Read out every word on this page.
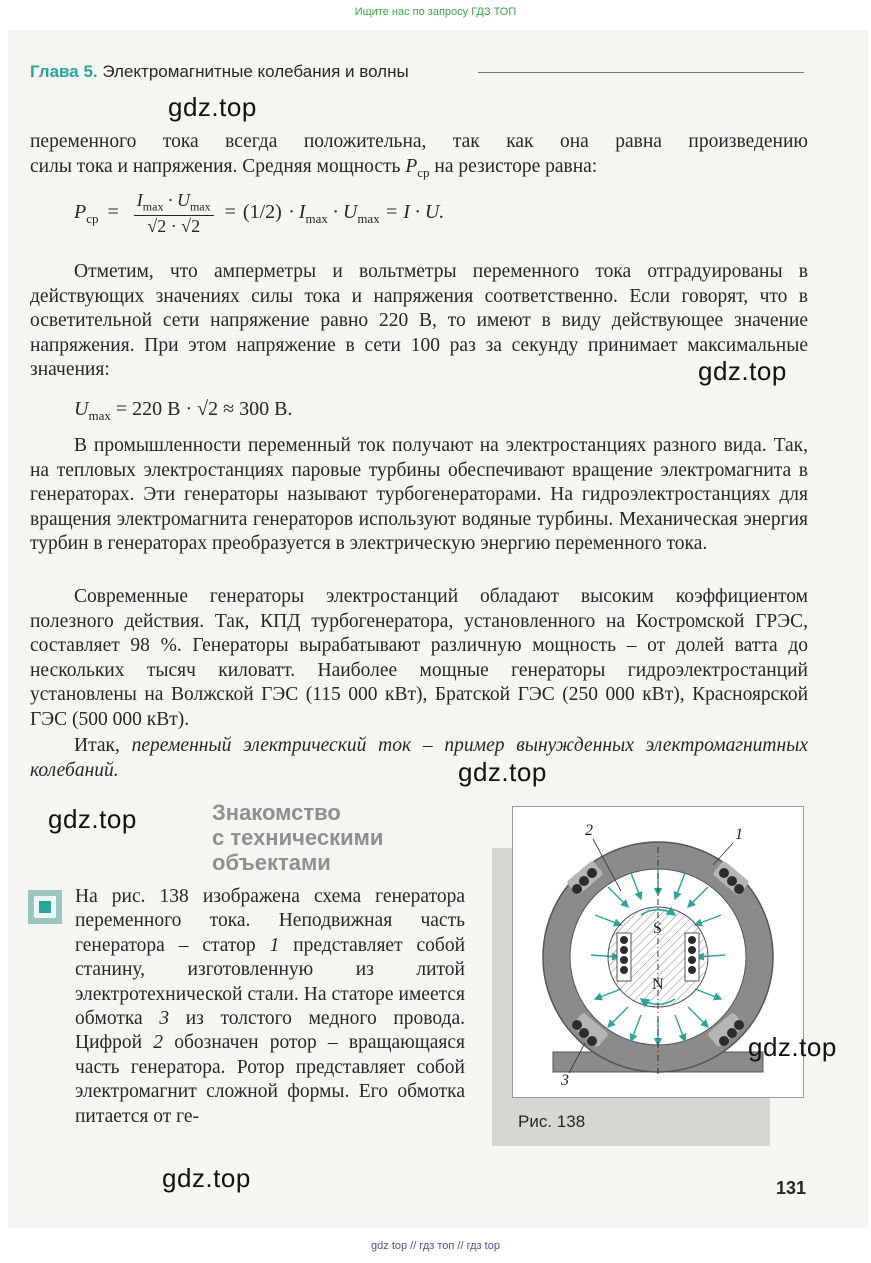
Ищите нас по запросу ГДЗ ТОП
Глава 5. Электромагнитные колебания и волны
gdz.top

переменного тока всегда положительна, так как она равна произведению

силы тока и напряжения. Средняя мощность $P_{ср}$ на резисторе равна:

$P_{ср} = \frac{I_{max} \cdot U_{max}}{√2 \cdot √2} = (1/2) \cdot I_{max} \cdot U_{max} = I \cdot U$.

Отметим, что амперметры и вольтметры переменного тока отградуированы в действующих значениях силы тока и напряжения соответственно. Если говорят, что в осветительной сети напряжение равно 220 В, то имеют в виду действующее значение напряжения. При этом напряжение в сети 100 раз за секунду принимает максимальные значения:	gdz.top
$U_{max} = 220$ В · √2 ≈ 300 В.

В промышленности переменный ток получают на электростанциях разного вида. Так, на тепловых электростанциях паровые турбины обеспечивают вращение электромагнита в генераторах. Эти генераторы называют турбогенераторами. На гидроэлектростанциях для вращения электромагнита генераторов используют водяные турбины. Механическая энергия турбин в генераторах преобразуется в электрическую энергию переменного тока.

Современные генераторы электростанций обладают высоким коэффициентом полезного действия. Так, КПД турбогенератора, установленного на Костромской ГРЭС, составляет 98 %. Генераторы вырабатывают различную мощность – от долей ватта до нескольких тысяч киловатт. Наиболее мощные генераторы гидроэлектростанций установлены на Волжской ГЭС (115 000 кВт), Братской ГЭС (250 000 кВт), Красноярской ГЭС (500 000 кВт).

Итак, переменный электрический ток – пример вынужденных электромагнитных колебаний.	gdz.top
gdz.top	Знакомство
с техническими
объектами

На рис. 138 изображена схема генератора переменного тока. Неподвижная часть генератора – статор 1 представляет собой станину, изготовленную из литой электротехнической стали. На статоре имеется обмотка 3 из толстого медного провода. Цифрой 2 обозначен ротор – вращающаяся часть генератора. Ротор представляет собой электромагнит сложной формы. Его обмотка питается от ге-

S
N
2	1
3
Рис. 138
gdz.top
gdz.top	131
gdz top // гдз топ // гдз top
